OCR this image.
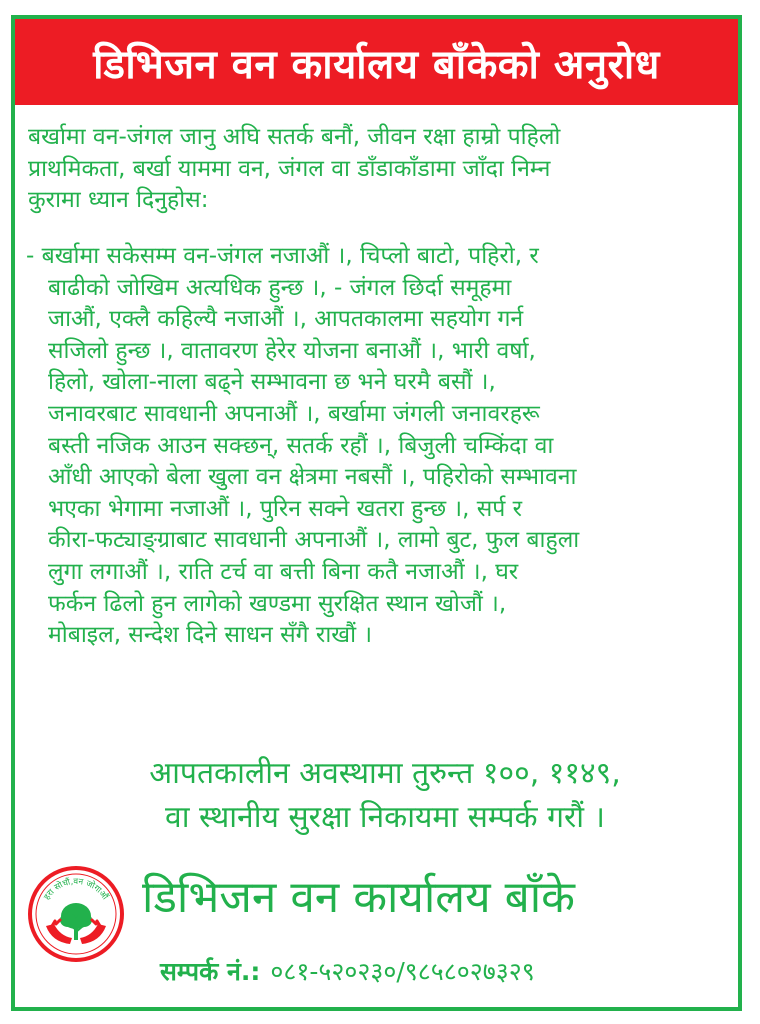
डिभिजन वन कार्यालय बाँकेको अनुरोध
बर्खामा वन-जंगल जानु अघि सतर्क बनौं, जीवन रक्षा हाम्रो पहिलो
प्राथमिकता, बर्खा याममा वन, जंगल वा डाँडाकाँडामा जाँदा निम्न
कुरामा ध्यान दिनुहोस:
- बर्खामा सकेसम्म वन-जंगल नजाऔं ।, चिप्लो बाटो, पहिरो, र
बाढीको जोखिम अत्यधिक हुन्छ ।, - जंगल छिर्दा समूहमा
जाऔं, एक्लै कहिल्यै नजाऔं ।, आपतकालमा सहयोग गर्न
सजिलो हुन्छ ।, वातावरण हेरेर योजना बनाऔं ।, भारी वर्षा,
हिलो, खोला-नाला बढ्ने सम्भावना छ भने घरमै बसौं ।,
जनावरबाट सावधानी अपनाऔं ।, बर्खामा जंगली जनावरहरू
बस्ती नजिक आउन सक्छन्, सतर्क रहौं ।, बिजुली चम्किंदा वा
आँधी आएको बेला खुला वन क्षेत्रमा नबसौं ।, पहिरोको सम्भावना
भएका भेगामा नजाऔं ।, पुरिन सक्ने खतरा हुन्छ ।, सर्प र
कीरा-फट्याङ्ग्राबाट सावधानी अपनाऔं ।, लामो बुट, फुल बाहुला
लुगा लगाऔं ।, राति टर्च वा बत्ती बिना कतै नजाऔं ।, घर
फर्कन ढिलो हुन लागेको खण्डमा सुरक्षित स्थान खोजौं ।,
मोबाइल, सन्देश दिने साधन सँगै राखौं ।
आपतकालीन अवस्थामा तुरुन्त १००, ११४९,
वा स्थानीय सुरक्षा निकायमा सम्पर्क गरौं ।
हरा सोचौं,वन जोगाऔं डिभिजन वन कार्यालय बाँके
सम्पर्क नं.: ०८१-५२०२३०/९८५८०२७३२९
